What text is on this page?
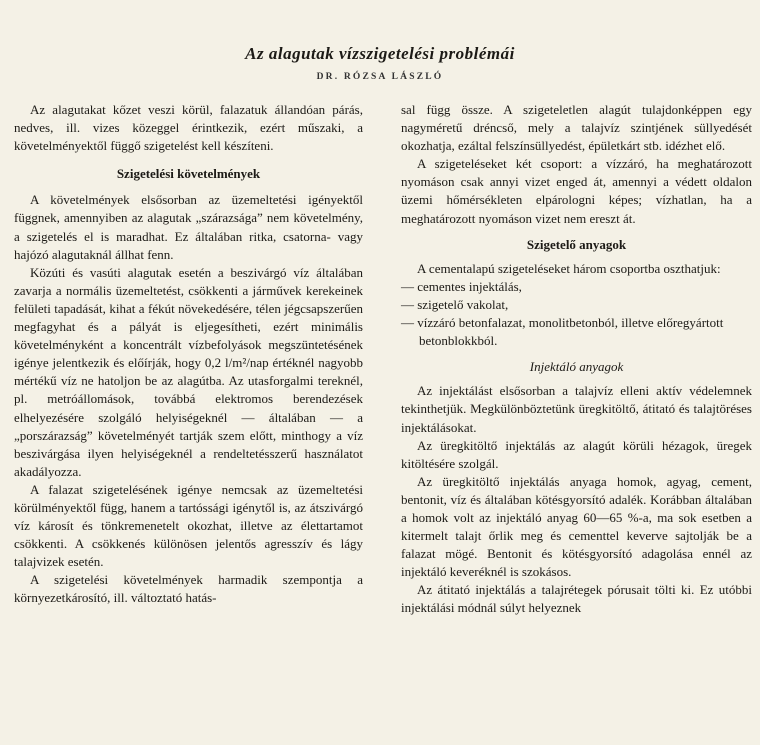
Az alagutak vízszigetelési problémái
DR. RÓZSA LÁSZLÓ

Az alagutakat kőzet veszi körül, falazatuk állandóan párás, nedves, ill. vizes közeggel érintkezik, ezért műszaki, a követelményektől függő szigetelést kell készíteni.

Szigetelési követelmények

A követelmények elsősorban az üzemeltetési igényektől függnek, amennyiben az alagutak „szárazsága” nem követelmény, a szigetelés el is maradhat. Ez általában ritka, csatorna- vagy hajózó alagutaknál állhat fenn.

Közúti és vasúti alagutak esetén a beszivárgó víz általában zavarja a normális üzemeltetést, csökkenti a járművek kerekeinek felületi tapadását, kihat a fékút növekedésére, télen jégcsapszerűen megfagyhat és a pályát is eljegesítheti, ezért minimális követelményként a koncentrált vízbefolyások megszüntetésének igénye jelentkezik és előírják, hogy 0,2 l/m²/nap értéknél nagyobb mértékű víz ne hatoljon be az alagútba. Az utasforgalmi tereknél, pl. metróállomások, továbbá elektromos berendezések elhelyezésére szolgáló helyiségeknél — általában — a „porszárazság” követelményét tartják szem előtt, minthogy a víz beszivárgása ilyen helyiségeknél a rendeltetésszerű használatot akadályozza.

A falazat szigetelésének igénye nemcsak az üzemeltetési körülményektől függ, hanem a tartóssági igénytől is, az átszivárgó víz károsít és tönkremenetelt okozhat, illetve az élettartamot csökkenti. A csökkenés különösen jelentős agresszív és lágy talajvizek esetén.

A szigetelési követelmények harmadik szempontja a környezetkárosító, ill. változtató hatás-

sal függ össze. A szigeteletlen alagút tulajdonképpen egy nagyméretű dréncső, mely a talajvíz szintjének süllyedését okozhatja, ezáltal felszínsüllyedést, épületkárt stb. idézhet elő.

A szigeteléseket két csoport: a vízzáró, ha meghatározott nyomáson csak annyi vizet enged át, amennyi a védett oldalon üzemi hőmérsékleten elpárologni képes; vízhatlan, ha a meghatározott nyomáson vizet nem ereszt át.

Szigetelő anyagok

A cementalapú szigeteléseket három csoportba oszthatjuk:

— cementes injektálás,
— szigetelő vakolat,
— vízzáró betonfalazat, monolitbetonból, illetve előregyártott betonblokkból.
Injektáló anyagok

Az injektálást elsősorban a talajvíz elleni aktív védelemnek tekinthetjük. Megkülönböztetünk üregkitöltő, átitató és talajtöréses injektálásokat.

Az üregkitöltő injektálás az alagút körüli hézagok, üregek kitöltésére szolgál.

Az üregkitöltő injektálás anyaga homok, agyag, cement, bentonit, víz és általában kötésgyorsító adalék. Korábban általában a homok volt az injektáló anyag 60—65 %-a, ma sok esetben a kitermelt talajt őrlik meg és cementtel keverve sajtolják be a falazat mögé. Bentonit és kötésgyorsító adagolása ennél az injektáló keveréknél is szokásos.

Az átitató injektálás a talajrétegek pórusait tölti ki. Ez utóbbi injektálási módnál súlyt helyeznek
